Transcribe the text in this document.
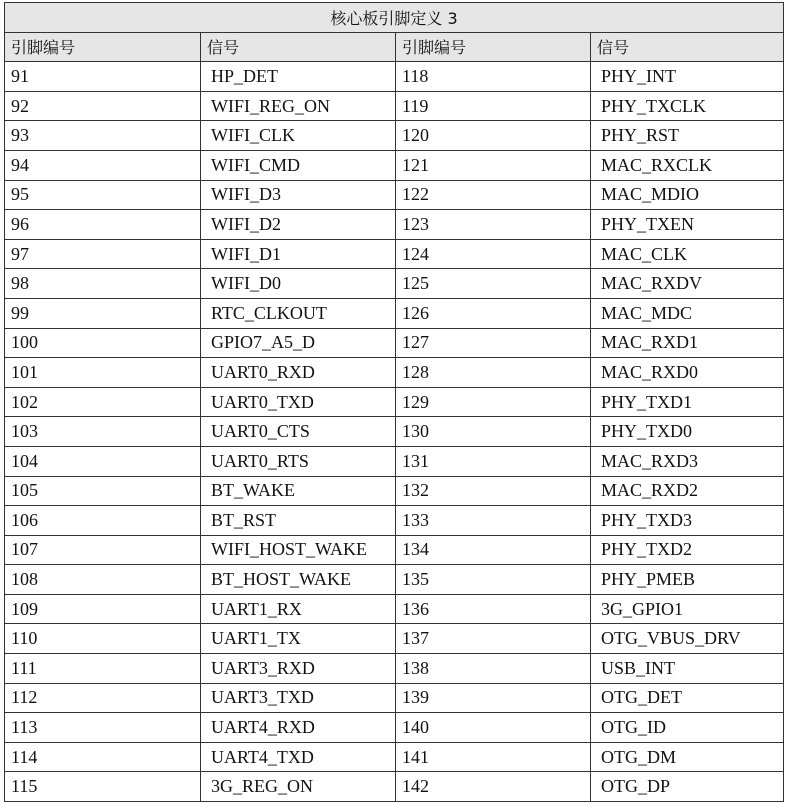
核心板引脚定义 3			
引脚编号	信号	引脚编号	信号
91	HP_DET	118	PHY_INT
92	WIFI_REG_ON	119	PHY_TXCLK
93	WIFI_CLK	120	PHY_RST
94	WIFI_CMD	121	MAC_RXCLK
95	WIFI_D3	122	MAC_MDIO
96	WIFI_D2	123	PHY_TXEN
97	WIFI_D1	124	MAC_CLK
98	WIFI_D0	125	MAC_RXDV
99	RTC_CLKOUT	126	MAC_MDC
100	GPIO7_A5_D	127	MAC_RXD1
101	UART0_RXD	128	MAC_RXD0
102	UART0_TXD	129	PHY_TXD1
103	UART0_CTS	130	PHY_TXD0
104	UART0_RTS	131	MAC_RXD3
105	BT_WAKE	132	MAC_RXD2
106	BT_RST	133	PHY_TXD3
107	WIFI_HOST_WAKE	134	PHY_TXD2
108	BT_HOST_WAKE	135	PHY_PMEB
109	UART1_RX	136	3G_GPIO1
110	UART1_TX	137	OTG_VBUS_DRV
111	UART3_RXD	138	USB_INT
112	UART3_TXD	139	OTG_DET
113	UART4_RXD	140	OTG_ID
114	UART4_TXD	141	OTG_DM
115	3G_REG_ON	142	OTG_DP
